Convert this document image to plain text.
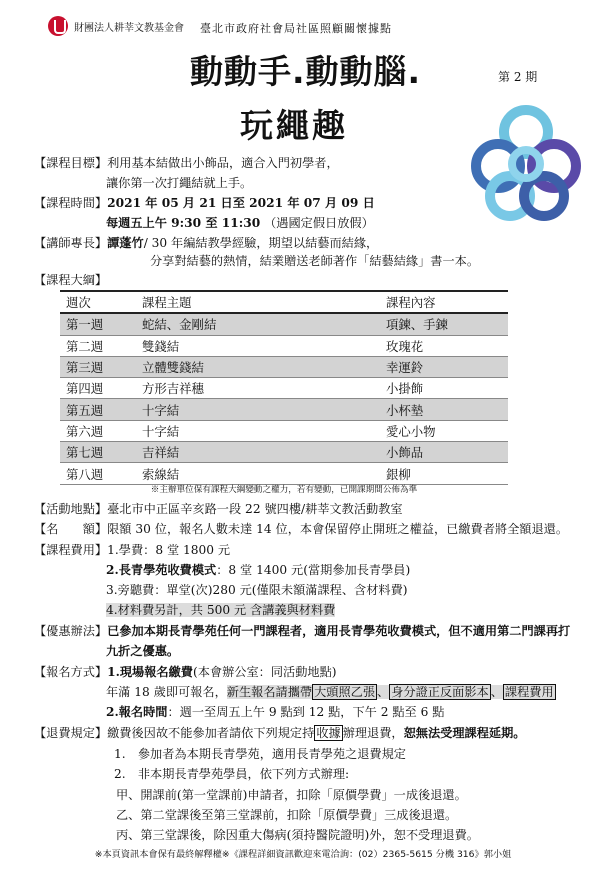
財團法人耕莘文教基金會 臺北市政府社會局社區照顧關懷據點
動動手.動動腦.	第 2 期
玩繩趣
【課程目標】利用基本結做出小飾品，適合入門初學者，
讓你第一次打繩結就上手。
【課程時間】2021 年 05 月 21 日至 2021 年 07 月 09 日
每週五上午 9:30 至 11:30 （遇國定假日放假）
【講師專長】譚蓬竹/ 30 年編結教學經驗，期望以結藝而結緣，
分享對結藝的熱情，結業贈送老師著作「結藝結緣」書一本。
【課程大綱】
週次	課程主題	課程內容
第一週	蛇結、金剛結	項鍊、手鍊
第二週	雙錢結	玫瑰花
第三週	立體雙錢結	幸運鈴
第四週	方形吉祥穗	小掛飾
第五週	十字結	小杯墊
第六週	十字結	愛心小物
第七週	吉祥結	小飾品
第八週	索線結	銀柳
※主辦單位保有課程大綱變動之權力，若有變動，已開課期間公佈為準
【活動地點】臺北市中正區辛亥路一段 22 號四樓/耕莘文教活動教室
【名　　額】限額 30 位，報名人數未達 14 位，本會保留停止開班之權益，已繳費者將全額退還。
【課程費用】1.學費：8 堂 1800 元
2.長青學苑收費模式：8 堂 1400 元(當期參加長青學員)
3.旁聽費：單堂(次)280 元(僅限未額滿課程、含材料費)
4.材料費另計，共 500 元 含講義與材料費
【優惠辦法】已參加本期長青學苑任何一門課程者，適用長青學苑收費模式，但不適用第二門課再打
九折之優惠。
【報名方式】1.現場報名繳費(本會辦公室：同活動地點)
年滿 18 歲即可報名，新生報名請攜帶 大頭照乙張 、 身分證正反面影本 、 課程費用
2.報名時間：週一至周五上午 9 點到 12 點，下午 2 點至 6 點
【退費規定】繳費後因故不能參加者請依下列規定持 收據 辦理退費，恕無法受理課程延期。
1.　參加者為本期長青學苑，適用長青學苑之退費規定
2.　非本期長青學苑學員，依下列方式辦理:
甲、開課前(第一堂課前)申請者，扣除「原價學費」一成後退還。
乙、第二堂課後至第三堂課前，扣除「原價學費」三成後退還。
丙、第三堂課後，除因重大傷病(須持醫院證明)外，恕不受理退費。
※本頁資訊本會保有最終解釋權※《課程詳細資訊歡迎來電洽詢：(02）2365-5615 分機 316》郭小姐
